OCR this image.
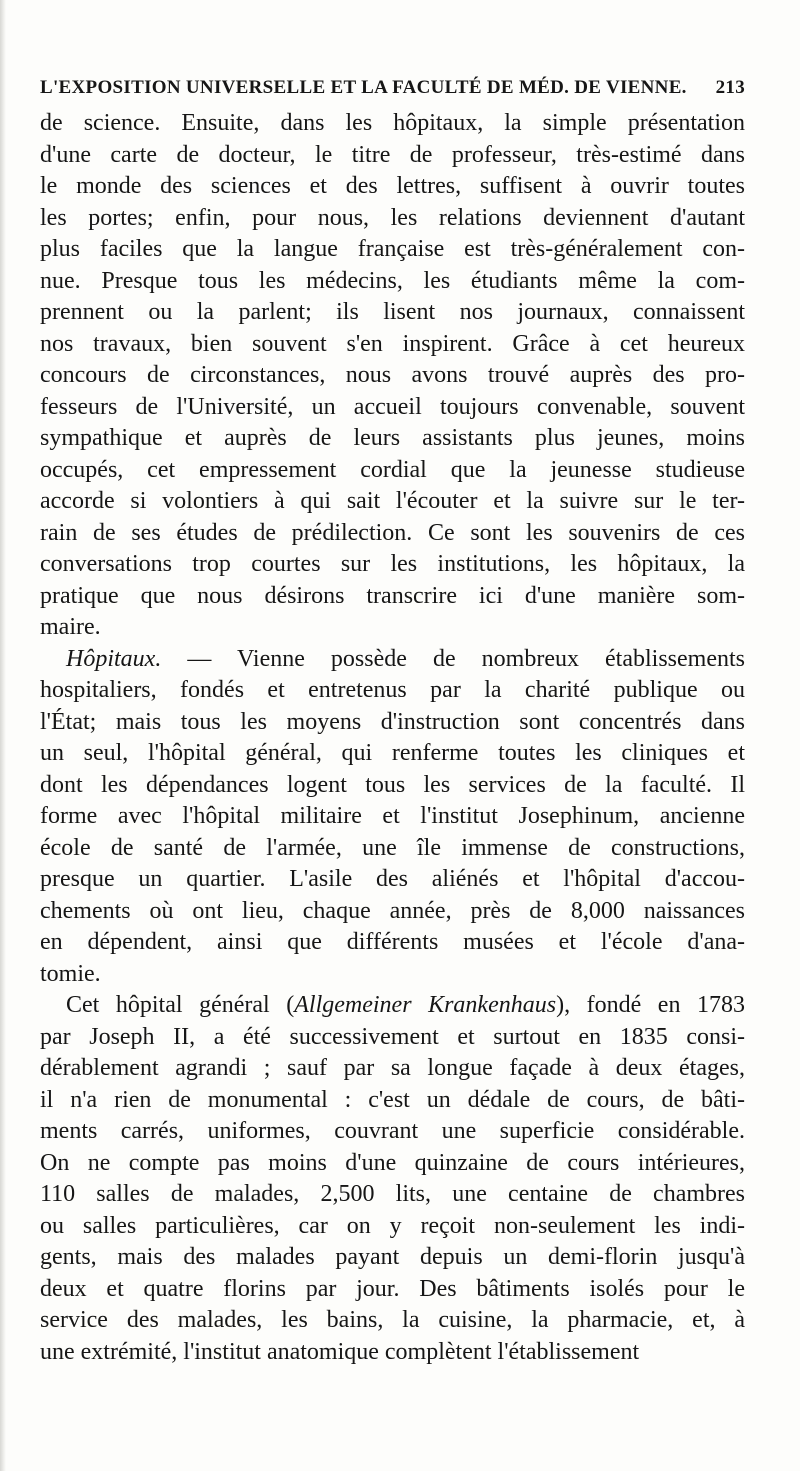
L'EXPOSITION UNIVERSELLE ET LA FACULTÉ DE MÉD. DE VIENNE. 213
de science. Ensuite, dans les hôpitaux, la simple présentation
d'une carte de docteur, le titre de professeur, très-estimé dans
le monde des sciences et des lettres, suffisent à ouvrir toutes
les portes; enfin, pour nous, les relations deviennent d'autant
plus faciles que la langue française est très-généralement con-
nue. Presque tous les médecins, les étudiants même la com-
prennent ou la parlent; ils lisent nos journaux, connaissent
nos travaux, bien souvent s'en inspirent. Grâce à cet heureux
concours de circonstances, nous avons trouvé auprès des pro-
fesseurs de l'Université, un accueil toujours convenable, souvent
sympathique et auprès de leurs assistants plus jeunes, moins
occupés, cet empressement cordial que la jeunesse studieuse
accorde si volontiers à qui sait l'écouter et la suivre sur le ter-
rain de ses études de prédilection. Ce sont les souvenirs de ces
conversations trop courtes sur les institutions, les hôpitaux, la
pratique que nous désirons transcrire ici d'une manière som-
maire.
Hôpitaux. — Vienne possède de nombreux établissements
hospitaliers, fondés et entretenus par la charité publique ou
l'État; mais tous les moyens d'instruction sont concentrés dans
un seul, l'hôpital général, qui renferme toutes les cliniques et
dont les dépendances logent tous les services de la faculté. Il
forme avec l'hôpital militaire et l'institut Josephinum, ancienne
école de santé de l'armée, une île immense de constructions,
presque un quartier. L'asile des aliénés et l'hôpital d'accou-
chements où ont lieu, chaque année, près de 8,000 naissances
en dépendent, ainsi que différents musées et l'école d'ana-
tomie.
Cet hôpital général (Allgemeiner Krankenhaus), fondé en 1783
par Joseph II, a été successivement et surtout en 1835 consi-
dérablement agrandi ; sauf par sa longue façade à deux étages,
il n'a rien de monumental : c'est un dédale de cours, de bâti-
ments carrés, uniformes, couvrant une superficie considérable.
On ne compte pas moins d'une quinzaine de cours intérieures,
110 salles de malades, 2,500 lits, une centaine de chambres
ou salles particulières, car on y reçoit non-seulement les indi-
gents, mais des malades payant depuis un demi-florin jusqu'à
deux et quatre florins par jour. Des bâtiments isolés pour le
service des malades, les bains, la cuisine, la pharmacie, et, à
une extrémité, l'institut anatomique complètent l'établissement
